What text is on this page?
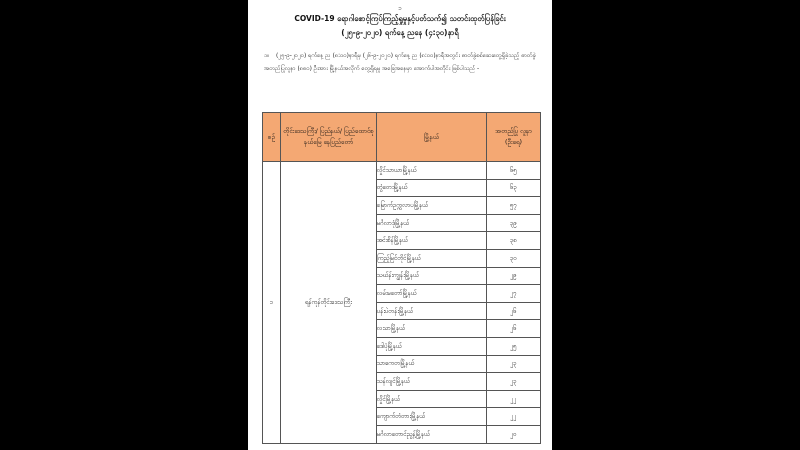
၁
COVID-19 ရောဂါစောင့်ကြပ်ကြည့်ရှုမှုနှင့်ပတ်သက်၍ သတင်းထုတ်ပြန်ခြင်း
(၂၅-၉-၂၀၂၀) ရက်နေ့ ညနေ (၄:၃၀)နာရီ
၁။ (၂၅-၉-၂၀၂၀) ရက်နေ့ ည (၈:၀၀)နာရီမှ (၂၆-၉-၂၀၂၀) ရက်နေ့ ည (၈:၀၀)နာရီအတွင်း ဓာတ်ခွဲစစ်ဆေးတွေ့ရှိခဲ့သည့် ဓာတ်ခွဲအတည်ပြုလူနာ (၈၈၀) ဦးအား မြို့နယ်အလိုက် တွေ့ရှိရမှု အခြေအနေမှာ အောက်ပါအတိုင်း ဖြစ်ပါသည် -
စဉ်	တိုင်းဒေသကြီး/ ပြည်နယ်/ ပြည်ထောင်စုနယ်မြေ နေပြည်တော်	မြို့နယ်	အတည်ပြု လူနာ (ဦးရေ)
၁	ရန်ကုန်တိုင်းဒေသကြီး	လှိုင်သာယာမြို့နယ်	၆၅
		တွံတေးမြို့နယ်	၆၃
		မြောက်ဥက္ကလာပမြို့နယ်	၅၇
		မင်္ဂလာဒုံမြို့နယ်	၃၉
		အင်းစိန်မြို့နယ်	၃၈
		ကြည့်မြင်တိုင်မြို့နယ်	၃၀
		သဃ်န်းကျွန်းမြို့နယ်	၂၉
		လမ်းမတော်မြို့နယ်	၂၇
		ပန်းပဲတန်းမြို့နယ်	၂၆
		လသာမြို့နယ်	၂၆
		ဒေါပုံမြို့နယ်	၂၅
		သာကေတမြို့နယ်	၂၃
		သန်လျင်မြို့နယ်	၂၃
		လှိုင်မြို့နယ်	၂၂
		ကျောက်တံတားမြို့နယ်	၂၂
		မင်္ဂလာတောင်ညွန့်မြို့နယ်	၂၀
